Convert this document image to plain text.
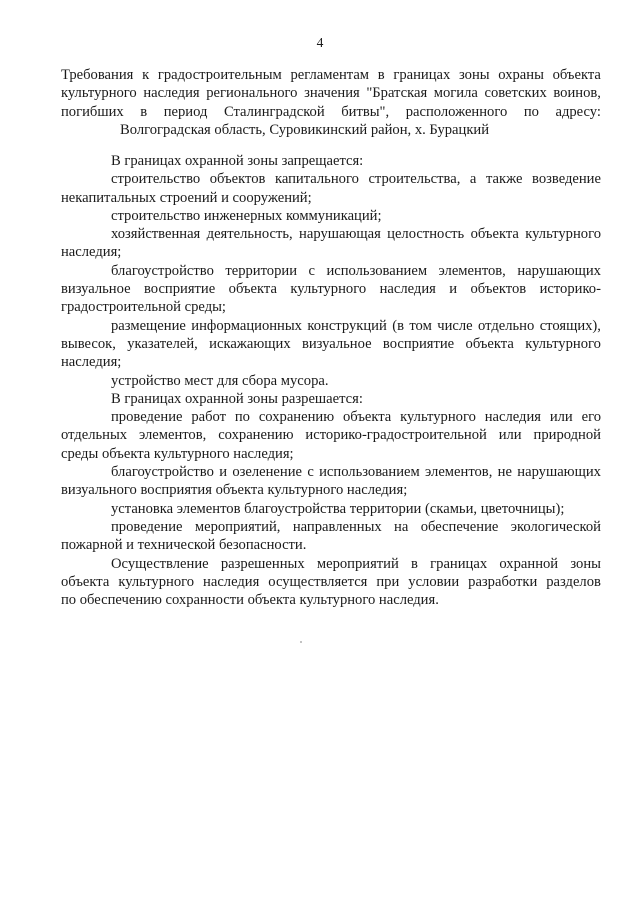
4
Требования к градостроительным регламентам в границах зоны охраны объекта
культурного наследия регионального значения "Братская могила советских воинов,
погибших в период Сталинградской битвы", расположенного по адресу:
Волгоградская область, Суровикинский район, х. Бурацкий
В границах охранной зоны запрещается:
строительство объектов капитального строительства, а также возведение
некапитальных строений и сооружений;
строительство инженерных коммуникаций;
хозяйственная деятельность, нарушающая целостность объекта культурного
наследия;
благоустройство территории с использованием элементов, нарушающих
визуальное восприятие объекта культурного наследия и объектов историко-
градостроительной среды;
размещение информационных конструкций (в том числе отдельно стоящих),
вывесок, указателей, искажающих визуальное восприятие объекта культурного
наследия;
устройство мест для сбора мусора.
В границах охранной зоны разрешается:
проведение работ по сохранению объекта культурного наследия или его
отдельных элементов, сохранению историко-градостроительной или природной
среды объекта культурного наследия;
благоустройство и озеленение с использованием элементов, не нарушающих
визуального восприятия объекта культурного наследия;
установка элементов благоустройства территории (скамьи, цветочницы);
проведение мероприятий, направленных на обеспечение экологической
пожарной и технической безопасности.
Осуществление разрешенных мероприятий в границах охранной зоны
объекта культурного наследия осуществляется при условии разработки разделов
по обеспечению сохранности объекта культурного наследия.
